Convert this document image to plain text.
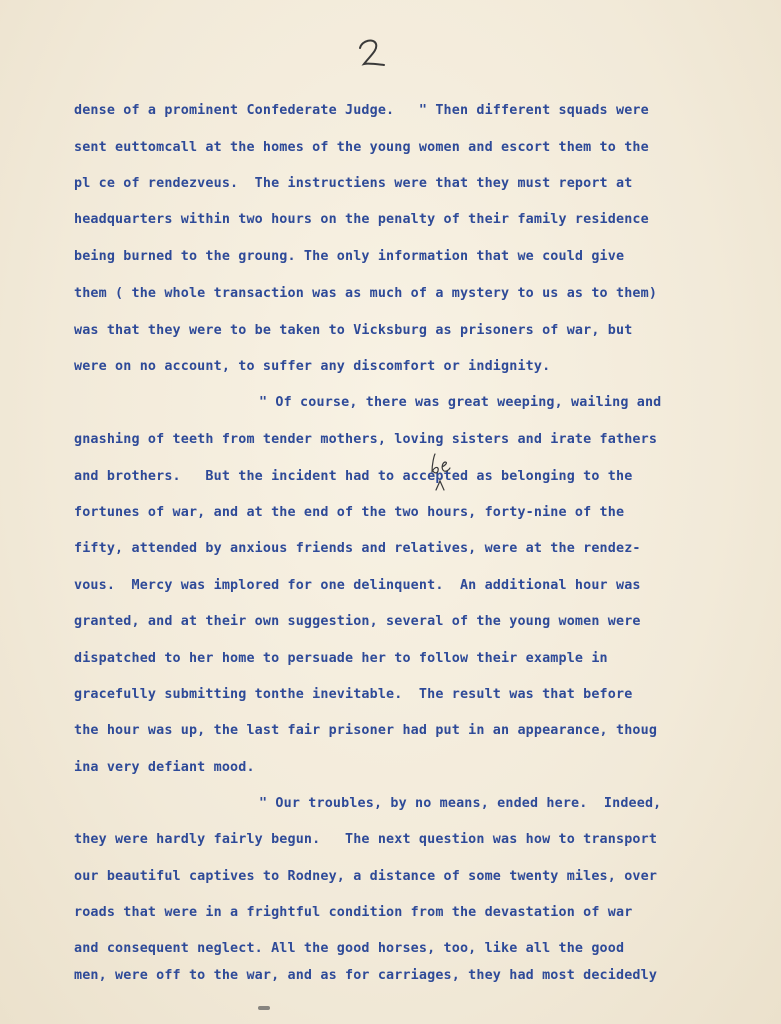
dense of a prominent Confederate Judge.   " Then different squads were
sent euttomcall at the homes of the young women and escort them to the
pl ce of rendezveus.  The instructiens were that they must report at
headquarters within two hours on the penalty of their family residence
being burned to the groung. The only information that we could give
them ( the whole transaction was as much of a mystery to us as to them)
was that they were to be taken to Vicksburg as prisoners of war, but
were on no account, to suffer any discomfort or indignity.
" Of course, there was great weeping, wailing and
gnashing of teeth from tender mothers, loving sisters and irate fathers
and brothers.   But the incident had to accepted as belonging to the
fortunes of war, and at the end of the two hours, forty-nine of the
fifty, attended by anxious friends and relatives, were at the rendez-
vous.  Mercy was implored for one delinquent.  An additional hour was
granted, and at their own suggestion, several of the young women were
dispatched to her home to persuade her to follow their example in
gracefully submitting tonthe inevitable.  The result was that before
the hour was up, the last fair prisoner had put in an appearance, thoug
ina very defiant mood.
" Our troubles, by no means, ended here.  Indeed,
they were hardly fairly begun.   The next question was how to transport
our beautiful captives to Rodney, a distance of some twenty miles, over
roads that were in a frightful condition from the devastation of war
and consequent neglect. All the good horses, too, like all the good
men, were off to the war, and as for carriages, they had most decidedly
